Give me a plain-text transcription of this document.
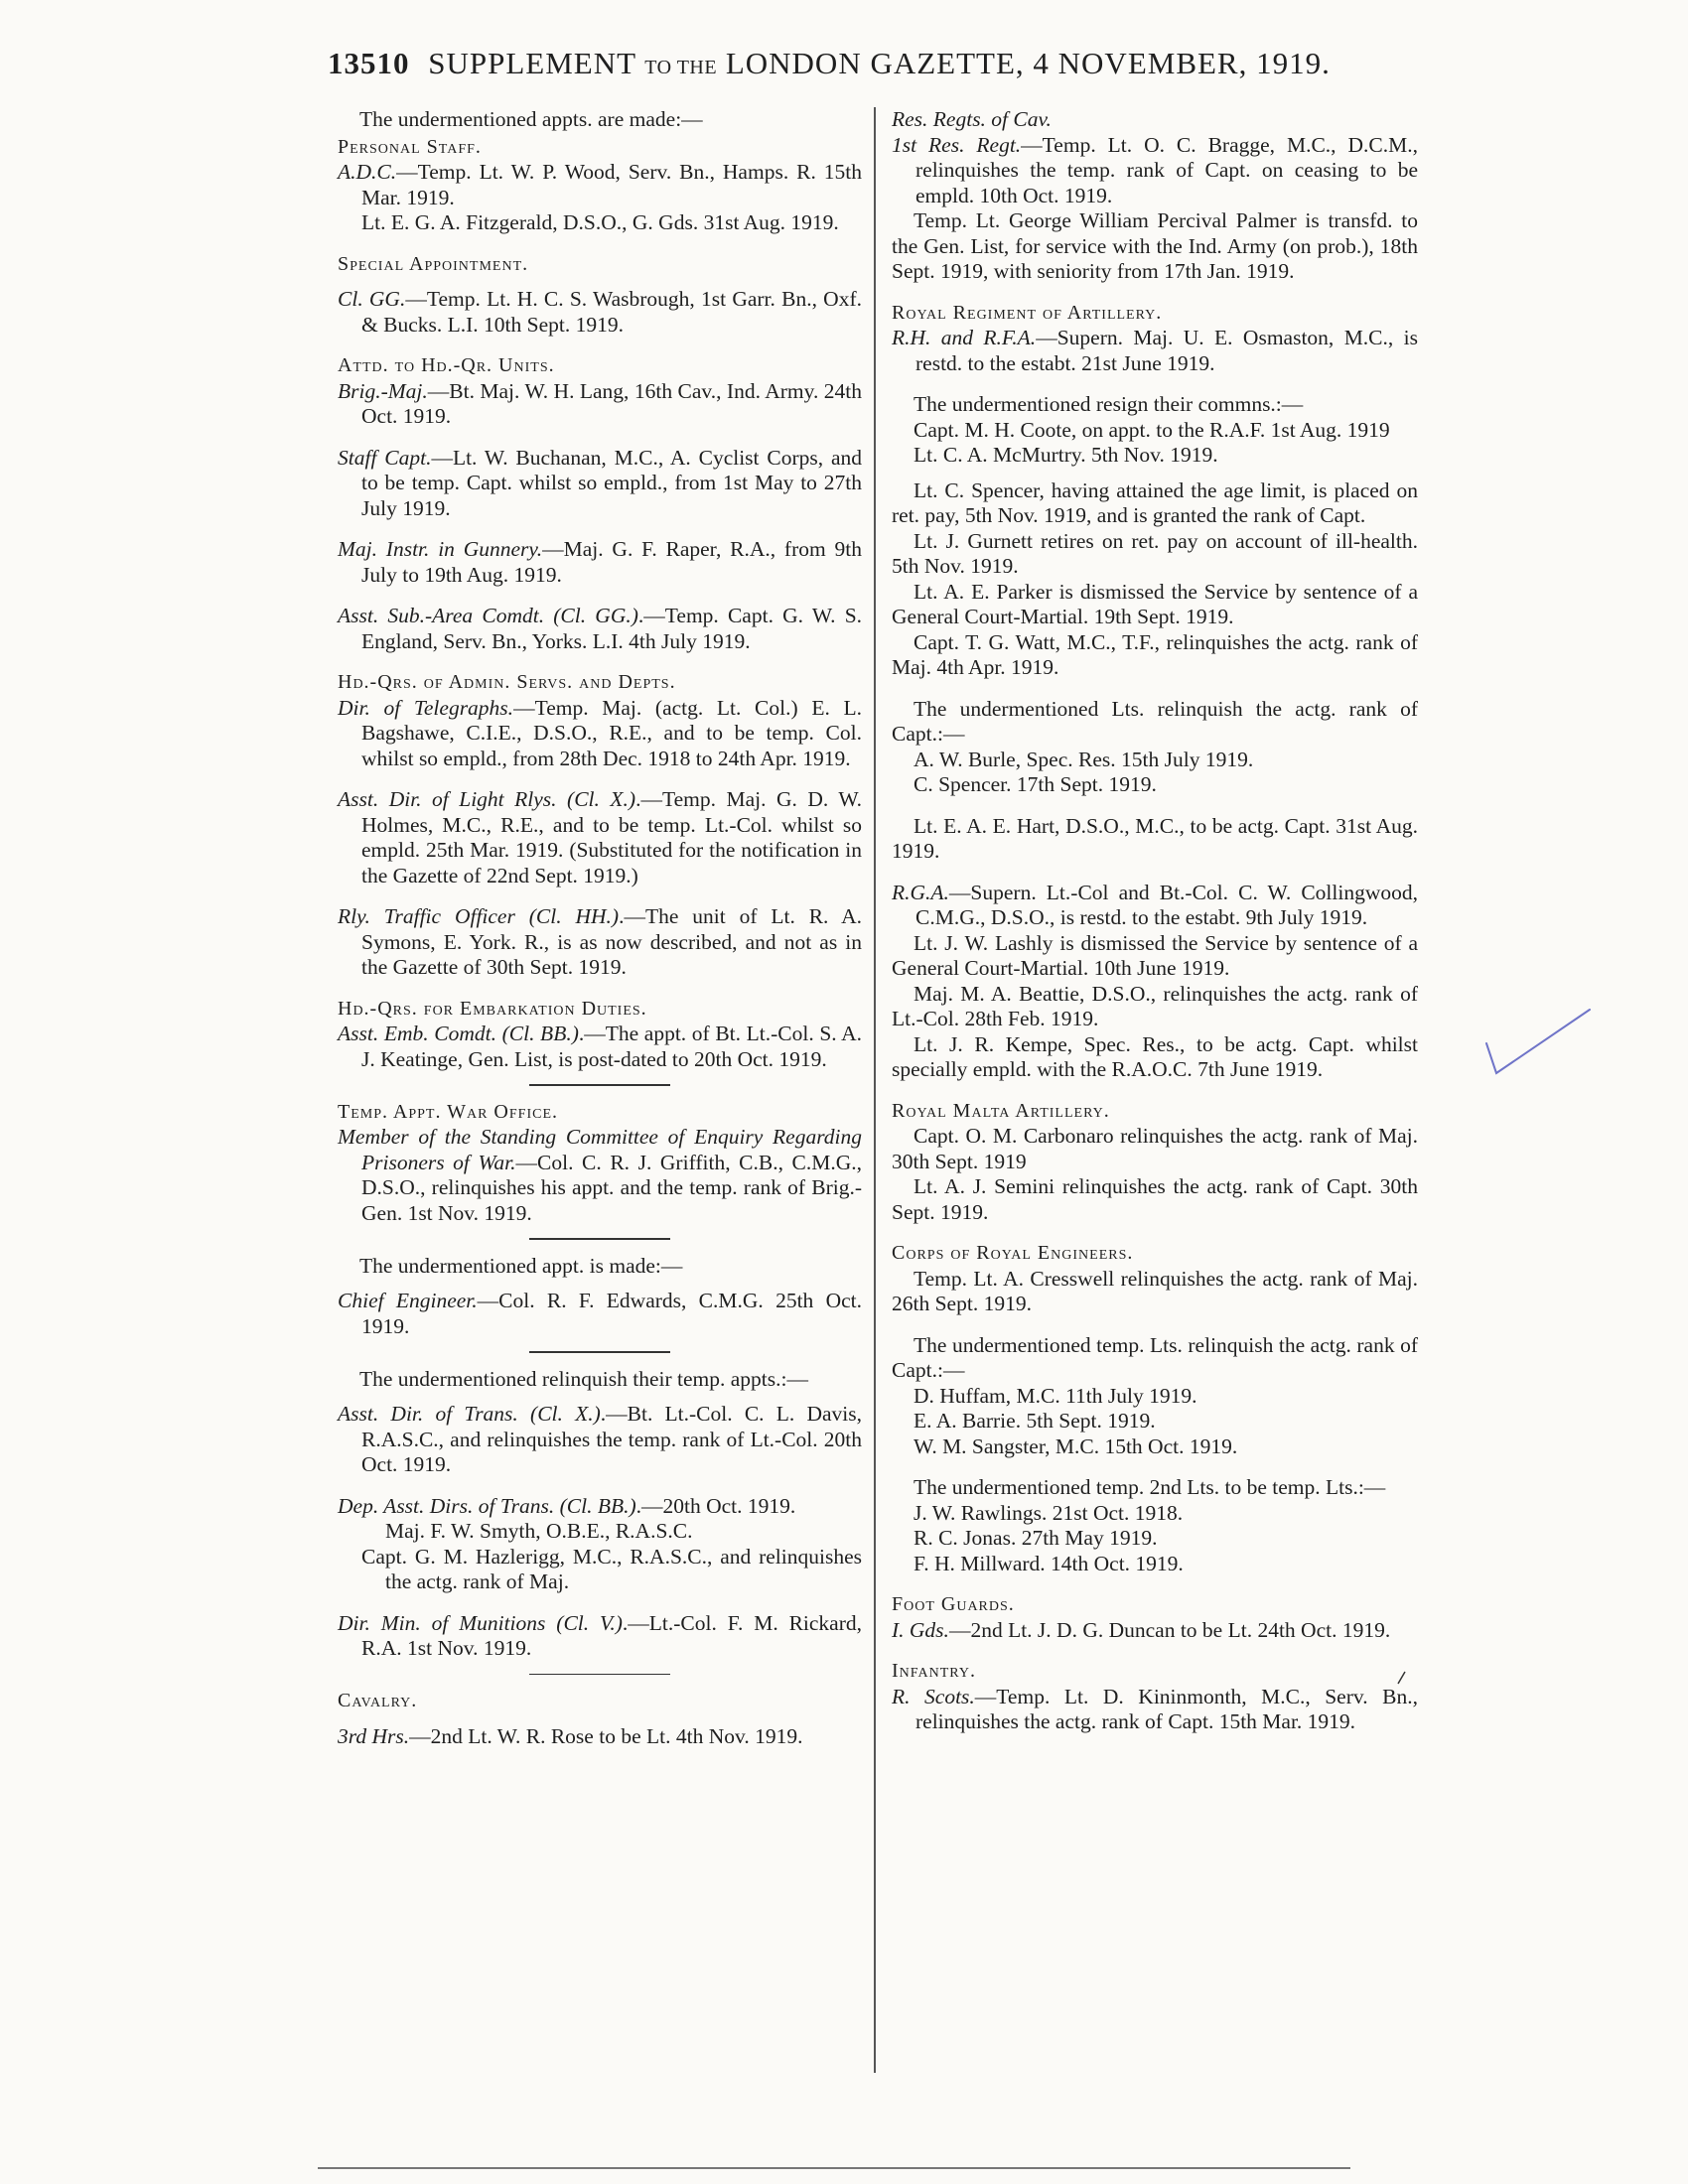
13510 SUPPLEMENT TO THE LONDON GAZETTE, 4 NOVEMBER, 1919.

The undermentioned appts. are made:—

Personal Staff.

A.D.C.—Temp. Lt. W. P. Wood, Serv. Bn., Hamps. R. 15th Mar. 1919.

Lt. E. G. A. Fitzgerald, D.S.O., G. Gds. 31st Aug. 1919.

Special Appointment.

Cl. GG.—Temp. Lt. H. C. S. Wasbrough, 1st Garr. Bn., Oxf. & Bucks. L.I. 10th Sept. 1919.

Attd. to Hd.-Qr. Units.

Brig.-Maj.—Bt. Maj. W. H. Lang, 16th Cav., Ind. Army. 24th Oct. 1919.

Staff Capt.—Lt. W. Buchanan, M.C., A. Cyclist Corps, and to be temp. Capt. whilst so empld., from 1st May to 27th July 1919.

Maj. Instr. in Gunnery.—Maj. G. F. Raper, R.A., from 9th July to 19th Aug. 1919.

Asst. Sub.-Area Comdt. (Cl. GG.).—Temp. Capt. G. W. S. England, Serv. Bn., Yorks. L.I. 4th July 1919.

Hd.-Qrs. of Admin. Servs. and Depts.

Dir. of Telegraphs.—Temp. Maj. (actg. Lt. Col.) E. L. Bagshawe, C.I.E., D.S.O., R.E., and to be temp. Col. whilst so empld., from 28th Dec. 1918 to 24th Apr. 1919.

Asst. Dir. of Light Rlys. (Cl. X.).—Temp. Maj. G. D. W. Holmes, M.C., R.E., and to be temp. Lt.-Col. whilst so empld. 25th Mar. 1919. (Substituted for the notification in the Gazette of 22nd Sept. 1919.)

Rly. Traffic Officer (Cl. HH.).—The unit of Lt. R. A. Symons, E. York. R., is as now described, and not as in the Gazette of 30th Sept. 1919.

Hd.-Qrs. for Embarkation Duties.

Asst. Emb. Comdt. (Cl. BB.).—The appt. of Bt. Lt.-Col. S. A. J. Keatinge, Gen. List, is post-dated to 20th Oct. 1919.

Temp. Appt. War Office.

Member of the Standing Committee of Enquiry Regarding Prisoners of War.—Col. C. R. J. Griffith, C.B., C.M.G., D.S.O., relinquishes his appt. and the temp. rank of Brig.-Gen. 1st Nov. 1919.

The undermentioned appt. is made:—

Chief Engineer.—Col. R. F. Edwards, C.M.G. 25th Oct. 1919.

The undermentioned relinquish their temp. appts.:—

Asst. Dir. of Trans. (Cl. X.).—Bt. Lt.-Col. C. L. Davis, R.A.S.C., and relinquishes the temp. rank of Lt.-Col. 20th Oct. 1919.

Dep. Asst. Dirs. of Trans. (Cl. BB.).—20th Oct. 1919.

Maj. F. W. Smyth, O.B.E., R.A.S.C.

Capt. G. M. Hazlerigg, M.C., R.A.S.C., and relinquishes the actg. rank of Maj.

Dir. Min. of Munitions (Cl. V.).—Lt.-Col. F. M. Rickard, R.A. 1st Nov. 1919.

Cavalry.

3rd Hrs.—2nd Lt. W. R. Rose to be Lt. 4th Nov. 1919.

Res. Regts. of Cav.

1st Res. Regt.—Temp. Lt. O. C. Bragge, M.C., D.C.M., relinquishes the temp. rank of Capt. on ceasing to be empld. 10th Oct. 1919.

Temp. Lt. George William Percival Palmer is transfd. to the Gen. List, for service with the Ind. Army (on prob.), 18th Sept. 1919, with seniority from 17th Jan. 1919.

Royal Regiment of Artillery.

R.H. and R.F.A.—Supern. Maj. U. E. Osmaston, M.C., is restd. to the estabt. 21st June 1919.

The undermentioned resign their commns.:—

Capt. M. H. Coote, on appt. to the R.A.F. 1st Aug. 1919

Lt. C. A. McMurtry. 5th Nov. 1919.

Lt. C. Spencer, having attained the age limit, is placed on ret. pay, 5th Nov. 1919, and is granted the rank of Capt.

Lt. J. Gurnett retires on ret. pay on account of ill-health. 5th Nov. 1919.

Lt. A. E. Parker is dismissed the Service by sentence of a General Court-Martial. 19th Sept. 1919.

Capt. T. G. Watt, M.C., T.F., relinquishes the actg. rank of Maj. 4th Apr. 1919.

The undermentioned Lts. relinquish the actg. rank of Capt.:—

A. W. Burle, Spec. Res. 15th July 1919.

C. Spencer. 17th Sept. 1919.

Lt. E. A. E. Hart, D.S.O., M.C., to be actg. Capt. 31st Aug. 1919.

R.G.A.—Supern. Lt.-Col and Bt.-Col. C. W. Collingwood, C.M.G., D.S.O., is restd. to the estabt. 9th July 1919.

Lt. J. W. Lashly is dismissed the Service by sentence of a General Court-Martial. 10th June 1919.

Maj. M. A. Beattie, D.S.O., relinquishes the actg. rank of Lt.-Col. 28th Feb. 1919.

Lt. J. R. Kempe, Spec. Res., to be actg. Capt. whilst specially empld. with the R.A.O.C. 7th June 1919.

Royal Malta Artillery.

Capt. O. M. Carbonaro relinquishes the actg. rank of Maj. 30th Sept. 1919

Lt. A. J. Semini relinquishes the actg. rank of Capt. 30th Sept. 1919.

Corps of Royal Engineers.

Temp. Lt. A. Cresswell relinquishes the actg. rank of Maj. 26th Sept. 1919.

The undermentioned temp. Lts. relinquish the actg. rank of Capt.:—

D. Huffam, M.C. 11th July 1919.

E. A. Barrie. 5th Sept. 1919.

W. M. Sangster, M.C. 15th Oct. 1919.

The undermentioned temp. 2nd Lts. to be temp. Lts.:—

J. W. Rawlings. 21st Oct. 1918.

R. C. Jonas. 27th May 1919.

F. H. Millward. 14th Oct. 1919.

Foot Guards.

I. Gds.—2nd Lt. J. D. G. Duncan to be Lt. 24th Oct. 1919.

Infantry.

R. Scots.—Temp. Lt. D. Kininmonth, M.C., Serv. Bn., relinquishes the actg. rank of Capt. 15th Mar. 1919.
